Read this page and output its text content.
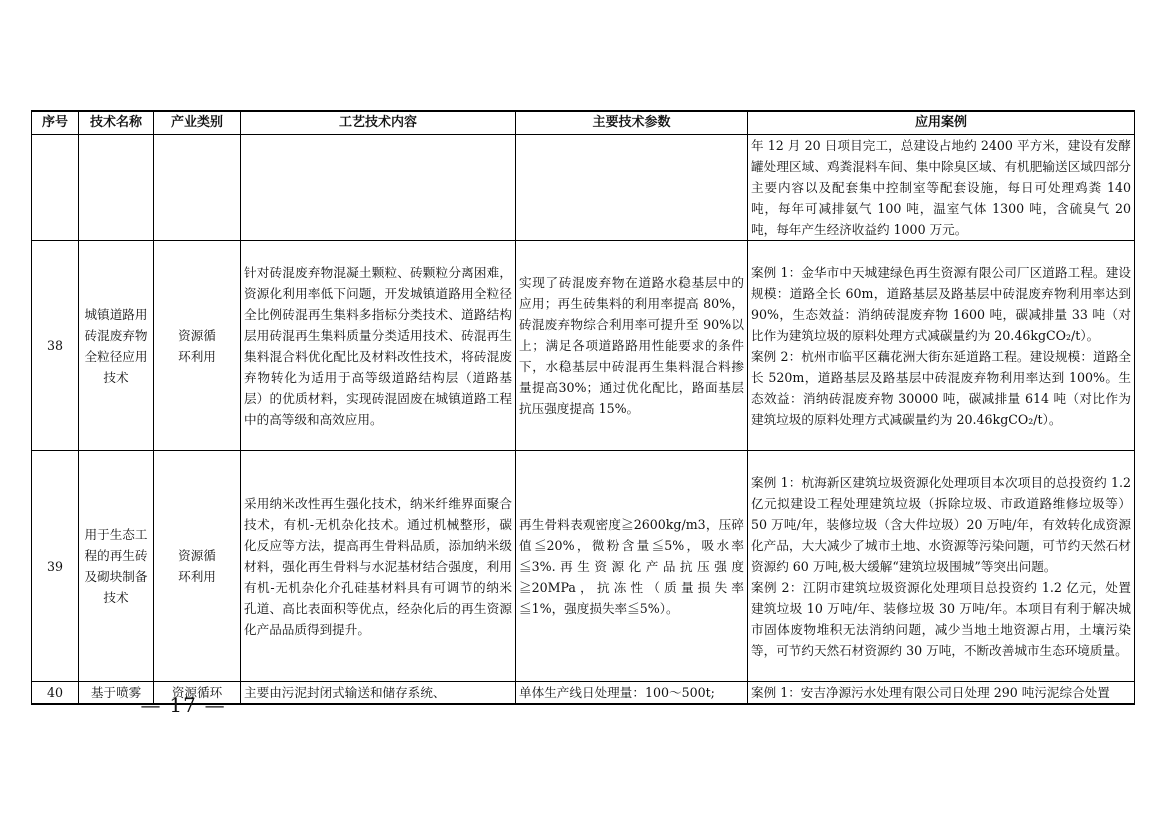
序号	技术名称	产业类别	工艺技术内容	主要技术参数	应用案例
					年 12 月 20 日项目完工，总建设占地约 2400 平方米，建设有发酵罐处理区域、鸡粪混料车间、集中除臭区域、有机肥输送区域四部分主要内容以及配套集中控制室等配套设施，每日可处理鸡粪 140 吨，每年可减排氨气 100 吨，温室气体 1300 吨，含硫臭气 20 吨，每年产生经济收益约 1000 万元。
38	城镇道路用砖混废弃物全粒径应用技术	资源循环利用	针对砖混废弃物混凝土颗粒、砖颗粒分离困难，资源化利用率低下问题，开发城镇道路用全粒径全比例砖混再生集料多指标分类技术、道路结构层用砖混再生集料质量分类适用技术、砖混再生集料混合料优化配比及材料改性技术，将砖混废弃物转化为适用于高等级道路结构层（道路基层）的优质材料，实现砖混固废在城镇道路工程中的高等级和高效应用。	实现了砖混废弃物在道路水稳基层中的应用；再生砖集料的利用率提高 80%，砖混废弃物综合利用率可提升至 90%以上；满足各项道路路用性能要求的条件下，水稳基层中砖混再生集料混合料掺量提高30%；通过优化配比，路面基层抗压强度提高 15%。	案例 1：金华市中天城建绿色再生资源有限公司厂区道路工程。建设规模：道路全长 60m，道路基层及路基层中砖混废弃物利用率达到 90%，生态效益：消纳砖混废弃物 1600 吨，碳减排量 33 吨（对比作为建筑垃圾的原料处理方式减碳量约为 20.46kgCO₂/t）。
案例 2：杭州市临平区藕花洲大街东延道路工程。建设规模：道路全长 520m，道路基层及路基层中砖混废弃物利用率达到 100%。生态效益：消纳砖混废弃物 30000 吨，碳减排量 614 吨（对比作为建筑垃圾的原料处理方式减碳量约为 20.46kgCO₂/t）。

39	用于生态工程的再生砖及砌块制备技术	资源循环利用	采用纳米改性再生强化技术，纳米纤维界面聚合技术，有机-无机杂化技术。通过机械整形，碳化反应等方法，提高再生骨料品质，添加纳米级材料，强化再生骨料与水泥基材结合强度，利用有机-无机杂化介孔硅基材料具有可调节的纳米孔道、高比表面积等优点，经杂化后的再生资源化产品品质得到提升。	再生骨料表观密度≧2600kg/m3，压碎值≦20%，微粉含量≦5%，吸水率≦3%.再生资源化产品抗压强度≧20MPa，抗冻性（质量损失率≦1%，强度损失率≦5%）。	案例 1：杭海新区建筑垃圾资源化处理项目本次项目的总投资约 1.2 亿元拟建设工程处理建筑垃圾（拆除垃圾、市政道路维修垃圾等）50 万吨/年，装修垃圾（含大件垃圾）20 万吨/年，有效转化成资源化产品，大大减少了城市土地、水资源等污染问题，可节约天然石材资源约 60 万吨,极大缓解“建筑垃圾围城”等突出问题。
案例 2：江阴市建筑垃圾资源化处理项目总投资约 1.2 亿元，处置建筑垃圾 10 万吨/年、装修垃圾 30 万吨/年。本项目有利于解决城市固体废物堆积无法消纳问题，减少当地土地资源占用，土壤污染等，可节约天然石材资源约 30 万吨，不断改善城市生态环境质量。

40	基于喷雾	资源循环	主要由污泥封闭式输送和储存系统、	单体生产线日处理量：100～500t;	案例 1：安吉净源污水处理有限公司日处理 290 吨污泥综合处置
— 17 —
